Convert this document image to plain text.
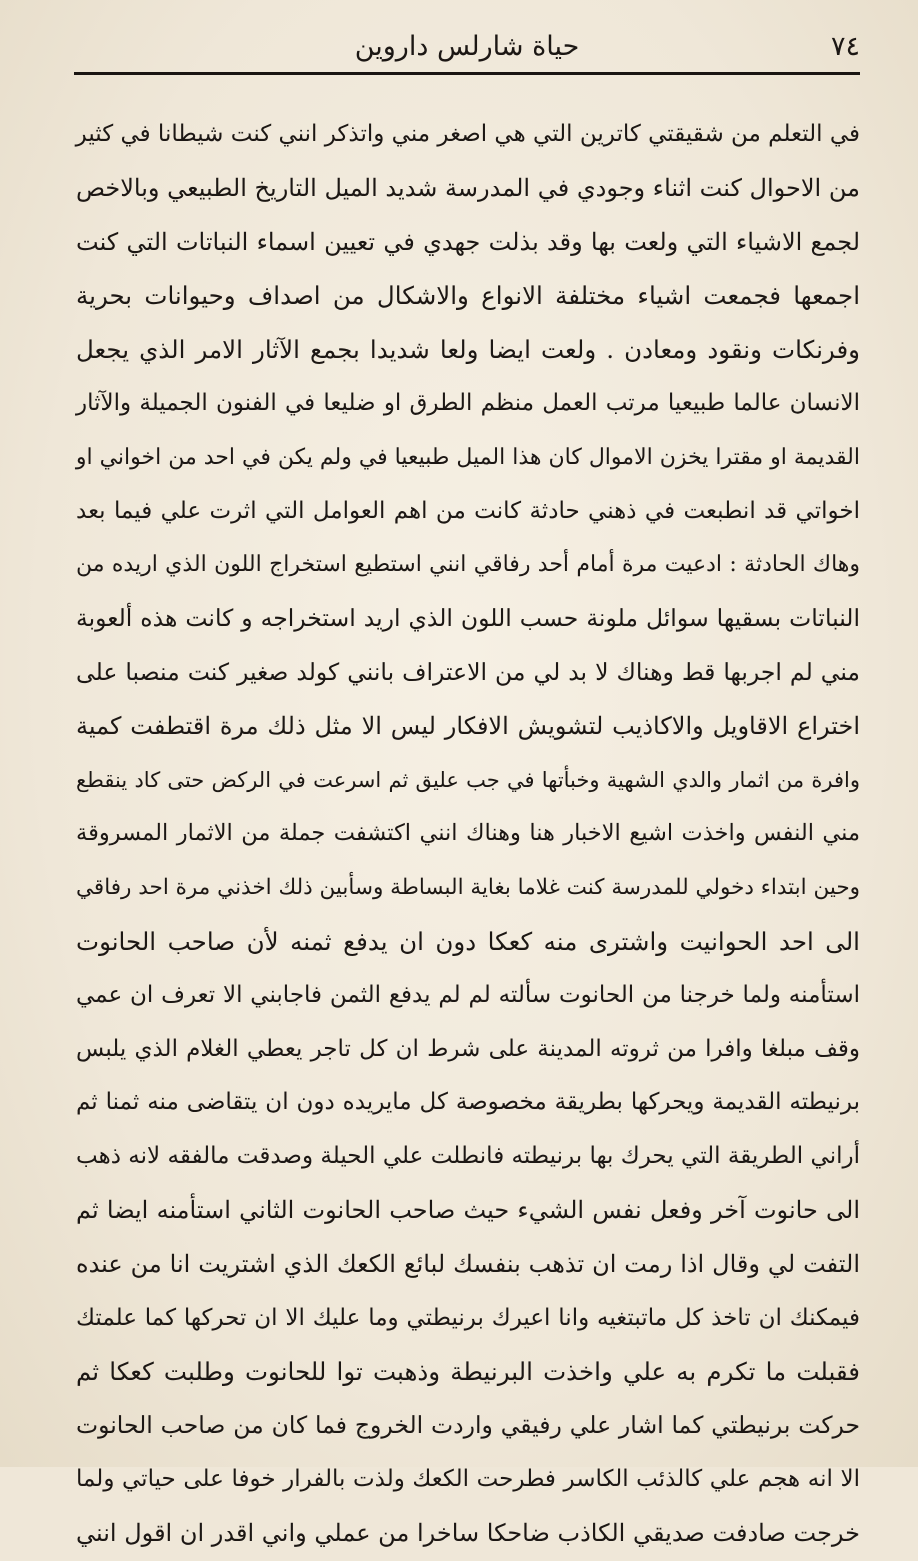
٧٤
حياة شارلس داروين
في التعلم من شقيقتي كاترين التي هي اصغر مني واتذكر انني كنت شيطانا في كثير
من الاحوال كنت اثناء وجودي في المدرسة شديد الميل التاريخ الطبيعي وبالاخص
لجمع الاشياء التي ولعت بها وقد بذلت جهدي في تعيين اسماء النباتات التي كنت
اجمعها فجمعت اشياء مختلفة الانواع والاشكال من اصداف وحيوانات بحرية
وفرنكات ونقود ومعادن . ولعت ايضا ولعا شديدا بجمع الآثار الامر الذي يجعل
الانسان عالما طبيعيا مرتب العمل منظم الطرق او ضليعا في الفنون الجميلة والآثار
القديمة او مقترا يخزن الاموال كان هذا الميل طبيعيا في ولم يكن في احد من اخواني او
اخواتي قد انطبعت في ذهني حادثة كانت من اهم العوامل التي اثرت علي فيما بعد
وهاك الحادثة : ادعيت مرة أمام أحد رفاقي انني استطيع استخراج اللون الذي اريده من
النباتات بسقيها سوائل ملونة حسب اللون الذي اريد استخراجه و كانت هذه ألعوبة
مني لم اجربها قط وهناك لا بد لي من الاعتراف بانني كولد صغير كنت منصبا على
اختراع الاقاويل والاكاذيب لتشويش الافكار ليس الا مثل ذلك مرة اقتطفت كمية
وافرة من اثمار والدي الشهية وخبأتها في جب عليق ثم اسرعت في الركض حتى كاد ينقطع
مني النفس واخذت اشيع الاخبار هنا وهناك انني اكتشفت جملة من الاثمار المسروقة
وحين ابتداء دخولي للمدرسة كنت غلاما بغاية البساطة وسأبين ذلك اخذني مرة احد رفاقي
الى احد الحوانيت واشترى منه كعكا دون ان يدفع ثمنه لأن صاحب الحانوت
استأمنه ولما خرجنا من الحانوت سألته لم لم يدفع الثمن فاجابني الا تعرف ان عمي
وقف مبلغا وافرا من ثروته المدينة على شرط ان كل تاجر يعطي الغلام الذي يلبس
برنيطته القديمة ويحركها بطريقة مخصوصة كل مايريده دون ان يتقاضى منه ثمنا ثم
أراني الطريقة التي يحرك بها برنيطته فانطلت علي الحيلة وصدقت مالفقه لانه ذهب
الى حانوت آخر وفعل نفس الشيء حيث صاحب الحانوت الثاني استأمنه ايضا ثم
التفت لي وقال اذا رمت ان تذهب بنفسك لبائع الكعك الذي اشتريت انا من عنده
فيمكنك ان تاخذ كل ماتبتغيه وانا اعيرك برنيطتي وما عليك الا ان تحركها كما علمتك
فقبلت ما تكرم به علي واخذت البرنيطة وذهبت توا للحانوت وطلبت كعكا ثم
حركت برنيطتي كما اشار علي رفيقي واردت الخروج فما كان من صاحب الحانوت
الا انه هجم علي كالذئب الكاسر فطرحت الكعك ولذت بالفرار خوفا على حياتي ولما
خرجت صادفت صديقي الكاذب ضاحكا ساخرا من عملي واني اقدر ان اقول انني
